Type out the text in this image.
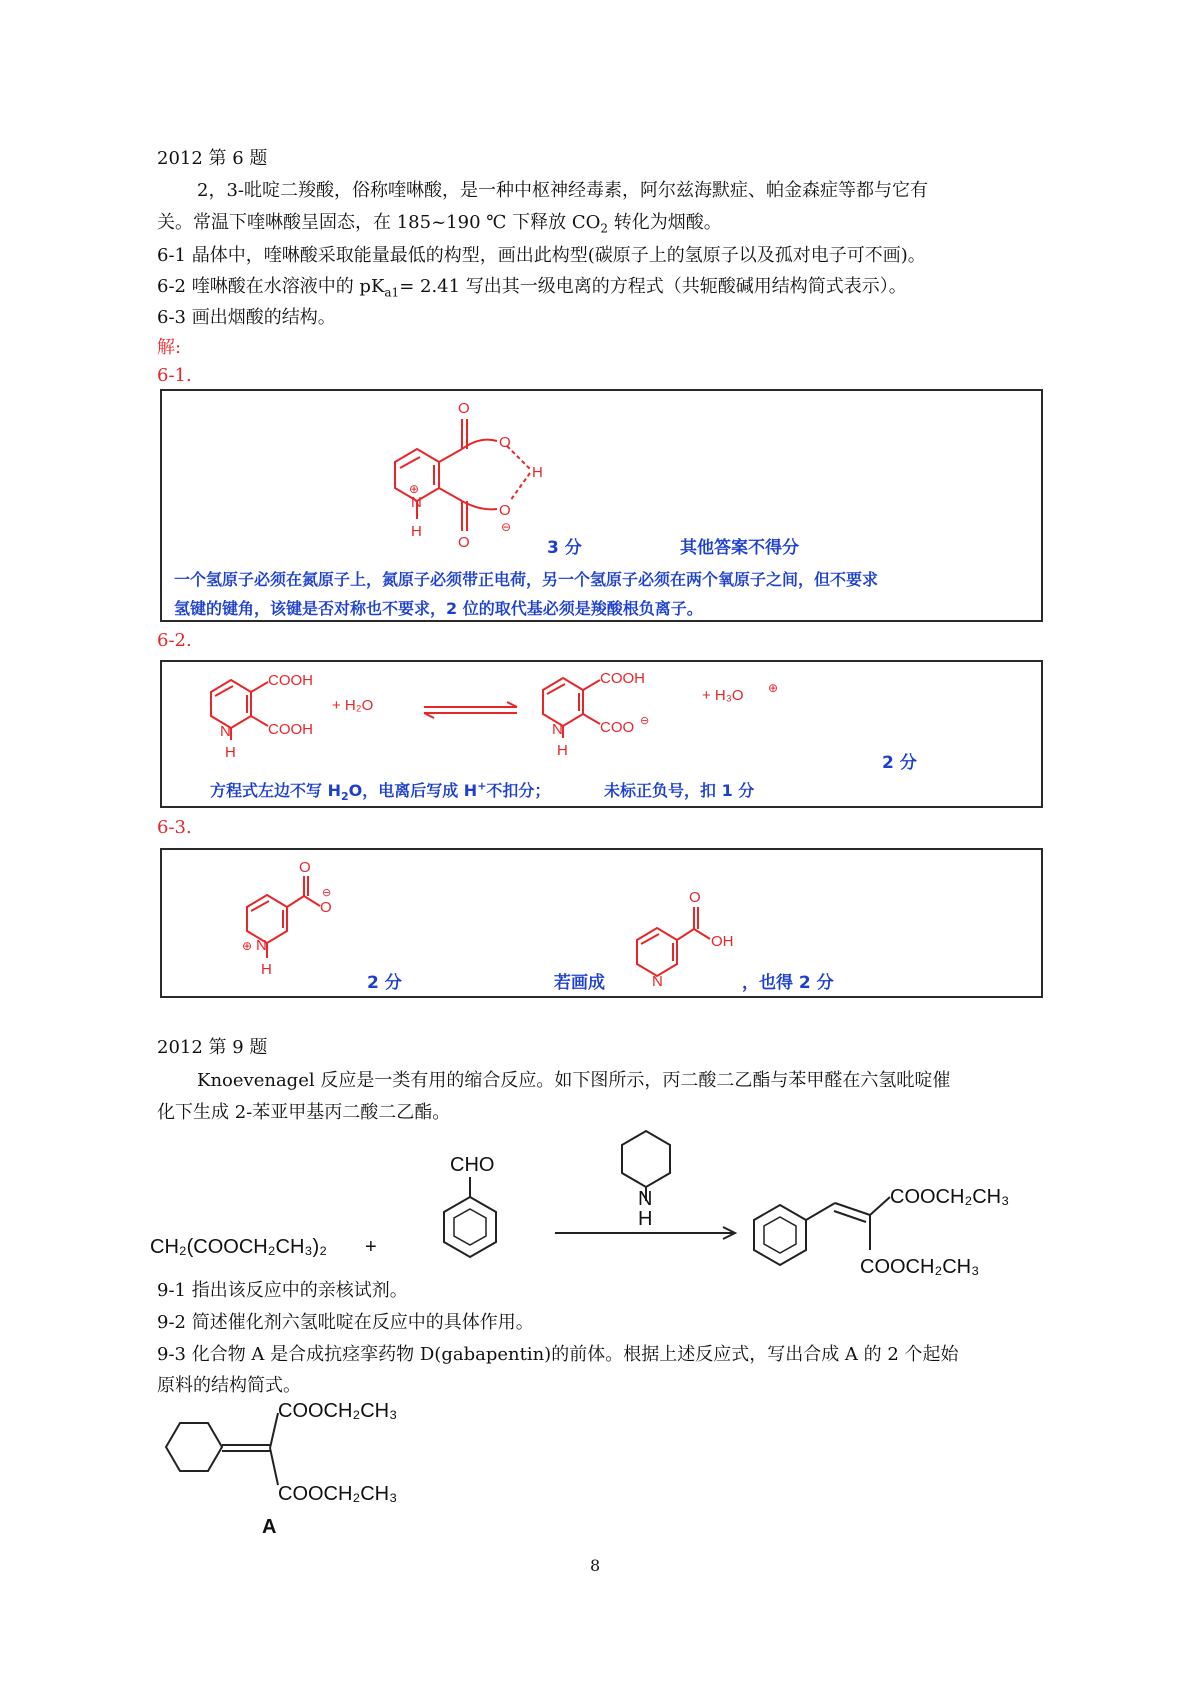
2012 第 6 题
2，3-吡啶二羧酸，俗称喹啉酸，是一种中枢神经毒素，阿尔兹海默症、帕金森症等都与它有
关。常温下喹啉酸呈固态，在 185~190 ℃ 下释放 $CO_2$ 转化为烟酸。
6-1 晶体中，喹啉酸采取能量最低的构型，画出此构型(碳原子上的氢原子以及孤对电子可不画)。
6-2 喹啉酸在水溶液中的 $pK_{a1}= 2.41$ 写出其一级电离的方程式（共轭酸碱用结构简式表示）。
6-3 画出烟酸的结构。
解:
6-1.
O
O
H
O
⊖
O
N
⊕
H
3 分	其他答案不得分
一个氢原子必须在氮原子上，氮原子必须带正电荷，另一个氢原子必须在两个氧原子之间，但不要求
氢键的键角，该键是否对称也不要求，2 位的取代基必须是羧酸根负离子。
6-2.
COOH
COOH
N
H
+ H₂O
COOH
COO ⊖
N
H
+ H₃O ⊕
2 分
方程式左边不写 $H_2O$，电离后写成 H+不扣分；	未标正负号，扣 1 分
6-3.
O
O
⊖
⊕ N
H
O
OH
N
2 分	若画成	，也得 2 分
2012 第 9 题
Knoevenagel 反应是一类有用的缩合反应。如下图所示，丙二酸二乙酯与苯甲醛在六氢吡啶催
化下生成 2-苯亚甲基丙二酸二乙酯。
CH₂(COOCH₂CH₃)₂ +
CHO
N
H
COOCH₂CH₃
COOCH₂CH₃
9-1 指出该反应中的亲核试剂。
9-2 简述催化剂六氢吡啶在反应中的具体作用。
9-3 化合物 A 是合成抗痉挛药物 D(gabapentin)的前体。根据上述反应式，写出合成 A 的 2 个起始
原料的结构简式。
COOCH₂CH₃
COOCH₂CH₃
A
8
